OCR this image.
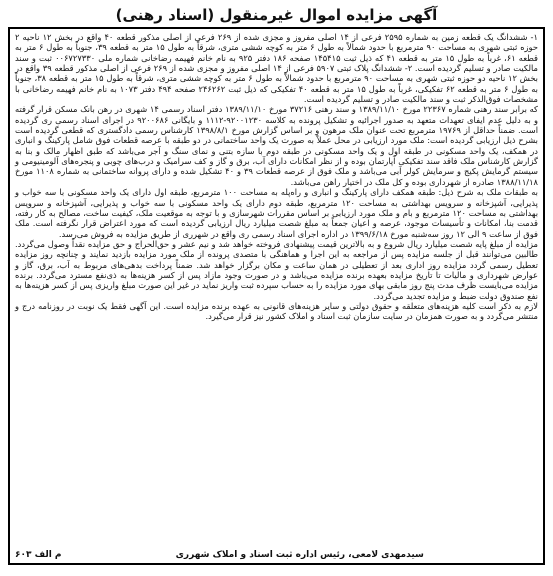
آگهی مزایده اموال غیرمنقول (اسناد رهنی)

۱- ششدانگ یک قطعه زمین به شماره ۲۵۹۵ فرعی از ۱۴ اصلی مفروز و مجزی شده از ۲۶۹ فرعی از اصلی مذکور قطعه ۴۰ واقع در بخش ۱۲ ناحیه ۲ حوزه ثبتی شهری به مساحت ۹۰ مترمربع با حدود شمالاً به طول ۶ متر به کوچه ششی متری، شرقاً به طول ۱۵ متر به قطعه ۳۹، جنوباً به طول ۶ متر به قطعه ۶۱، غرباً به طول ۱۵ متر به قطعه ۴۱ که ذیل ثبت ۱۴۵۴۱۵ صفحه ۱۸۶ دفتر ۹۲۵ به نام خانم فهیمه رضاخانی شماره ملی ۰۰۶۷۲۷۳۳۰ ثبت و سند مالکیت صادر و تسلیم گردیده است. ۲- ششدانگ پلاک ثبتی ۵۹۰۷ فرعی از ۱۴ اصلی مفروز و مجزی شده از ۲۶۹ فرعی از اصلی مذکور قطعه ۳۹ واقع در بخش ۱۲ ناحیه دو حوزه ثبتی شهری به مساحت ۹۰ مترمربع با حدود شمالاً به طول ۶ متر به کوچه ششی متری، شرقاً به طول ۱۵ متر به قطعه ۳۸، جنوباً به طول ۶ متر به قطعه ۶۲ تفکیکی، غرباً به طول ۱۵ متر به قطعه ۴۰ تفکیکی که ذیل ثبت ۲۴۶۲۶۲ صفحه ۴۹۴ دفتر ۱۰۷۳ به نام خانم فهیمه رضاخانی با مشخصات فوق‌الذکر ثبت و سند مالکیت صادر و تسلیم گردیده است.

که برابر سند رهنی شماره ۲۲۳۶۷ مورخ ۱۳۸۹/۱۱/۱۰ و سند رهنی ۳۷۲۱۶ مورخ ۱۳۸۹/۱۱/۱۰ دفتر اسناد رسمی ۱۴ شهری در رهن بانک مسکن قرار گرفته و به دلیل عدم ایفای تعهدات متعهد به صدور اجرائیه و تشکیل پرونده به کلاسه ۹۲۰۰۱۲۳۰-۱۱۱۲ و بایگانی ۹۲۰۰۶۸۶ در اجرای اسناد رسمی ری گردیده است. ضمناً حداقل از ۱۹۷۶۹ مترمربع تحت عنوان ملک مرهون و بر اساس گزارش مورخ ۱۳۹۸/۸/۱ کارشناس رسمی دادگستری که قطعی گردیده است بشرح ذیل ارزیابی گردیده است: ملک مورد ارزیابی در محل عملاً به صورت یک واحد ساختمانی در دو طبقه با عرصه قطعات فوق شامل پارکینگ و انباری در همکف، یک واحد مسکونی در طبقه اول و یک واحد مسکونی در طبقه دوم با سازه بتنی و نمای سنگ و آجر می‌باشد که طبق اظهار مالک و بنا به گزارش کارشناس ملک فاقد سند تفکیکی آپارتمان بوده و از نظر امکانات دارای آب، برق و گاز و کف سرامیک و درب‌های چوبی و پنجره‌های آلومینیومی و سیستم گرمایش پکیج و سرمایش کولر آبی می‌باشد و ملک فوق از عرصه قطعات ۳۹ و ۴۰ تشکیل شده و دارای پروانه ساختمانی به شماره ۱۱۰۸ مورخ ۱۳۸۸/۱۱/۱۸ صادره از شهرداری بوده و کل ملک در اختیار راهن می‌باشد.

به طبقات ملک به شرح ذیل: طبقه همکف دارای پارکینگ و انباری و راه‌پله به مساحت ۱۰۰ مترمربع، طبقه اول دارای یک واحد مسکونی با سه خواب و پذیرایی، آشپزخانه و سرویس بهداشتی به مساحت ۱۲۰ مترمربع، طبقه دوم دارای یک واحد مسکونی با سه خواب و پذیرایی، آشپزخانه و سرویس بهداشتی به مساحت ۱۲۰ مترمربع و بام و ملک مورد ارزیابی بر اساس مقررات شهرسازی و با توجه به موقعیت ملک، کیفیت ساخت، مصالح به کار رفته، قدمت بنا، امکانات و تأسیسات موجود، عرصه و اعیان جمعاً به مبلغ شصت میلیارد ریال ارزیابی گردیده است که مورد اعتراض قرار نگرفته است. ملک فوق از ساعت ۹ الی ۱۲ روز سه‌شنبه مورخ ۱۳۹۹/۶/۱۸ در اداره اجرای اسناد رسمی ری واقع در شهرری از طریق مزایده به فروش می‌رسد.

مزایده از مبلغ پایه شصت میلیارد ریال شروع و به بالاترین قیمت پیشنهادی فروخته خواهد شد و نیم عشر و حق‌الحراج و حق مزایده نقداً وصول می‌گردد. طالبین می‌توانند قبل از جلسه مزایده پس از مراجعه به این اجرا و هماهنگی با متصدی پرونده از ملک مورد مزایده بازدید نمایند و چنانچه روز مزایده تعطیل رسمی گردد مزایده روز اداری بعد از تعطیلی در همان ساعت و مکان برگزار خواهد شد. ضمناً پرداخت بدهی‌های مربوط به آب، برق، گاز و عوارض شهرداری و مالیات تا تاریخ مزایده بعهده برنده مزایده می‌باشد و در صورت وجود مازاد پس از کسر هزینه‌ها به ذی‌نفع مسترد می‌گردد. برنده مزایده می‌بایست ظرف مدت پنج روز مابقی بهای مورد مزایده را به حساب سپرده ثبت واریز نماید در غیر این صورت مبلغ واریزی پس از کسر هزینه‌ها به نفع صندوق دولت ضبط و مزایده تجدید می‌گردد.

لازم به ذکر است کلیه هزینه‌های متعلقه و حقوق دولتی و سایر هزینه‌های قانونی به عهده برنده مزایده است. این آگهی فقط یک نوبت در روزنامه درج و منتشر می‌گردد و به صورت همزمان در سایت سازمان ثبت اسناد و املاک کشور نیز قرار می‌گیرد.

سیدمهدی لامعی، رئیس اداره ثبت اسناد و املاک شهرری
م الف ۶۰۳
